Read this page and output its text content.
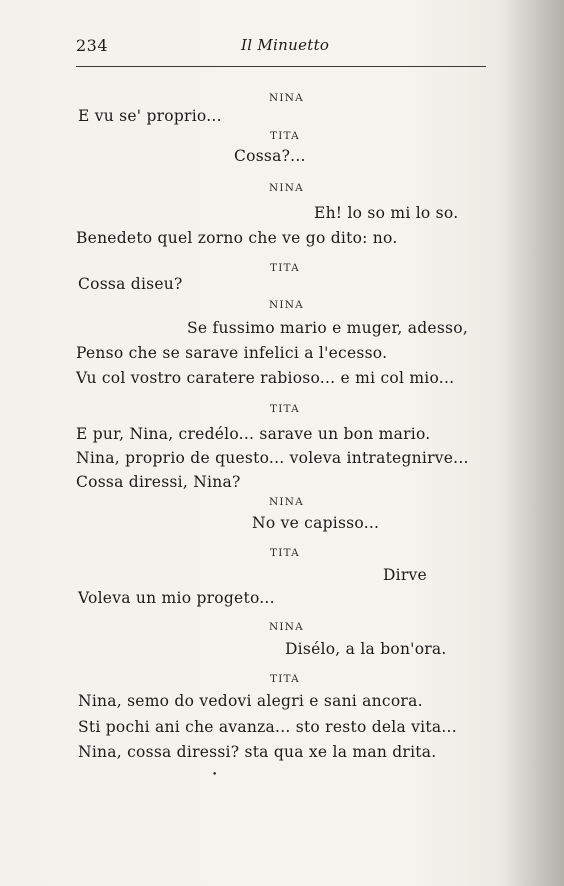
234	Il Minuetto
NINA
E vu se' proprio...
TITA
Cossa?...
NINA
Eh! lo so mi lo so.
Benedeto quel zorno che ve go dito: no.
TITA
Cossa diseu?
NINA
Se fussimo mario e muger, adesso,
Penso che se sarave infelici a l'ecesso.
Vu col vostro caratere rabioso... e mi col mio...
TITA
E pur, Nina, credélo... sarave un bon mario.
Nina, proprio de questo... voleva intrategnirve...
Cossa diressi, Nina?
NINA
No ve capisso...
TITA
Dirve
Voleva un mio progeto...
NINA
Disélo, a la bon'ora.
TITA
Nina, semo do vedovi alegri e sani ancora.
Sti pochi ani che avanza... sto resto dela vita...
Nina, cossa diressi? sta qua xe la man drita.
•
